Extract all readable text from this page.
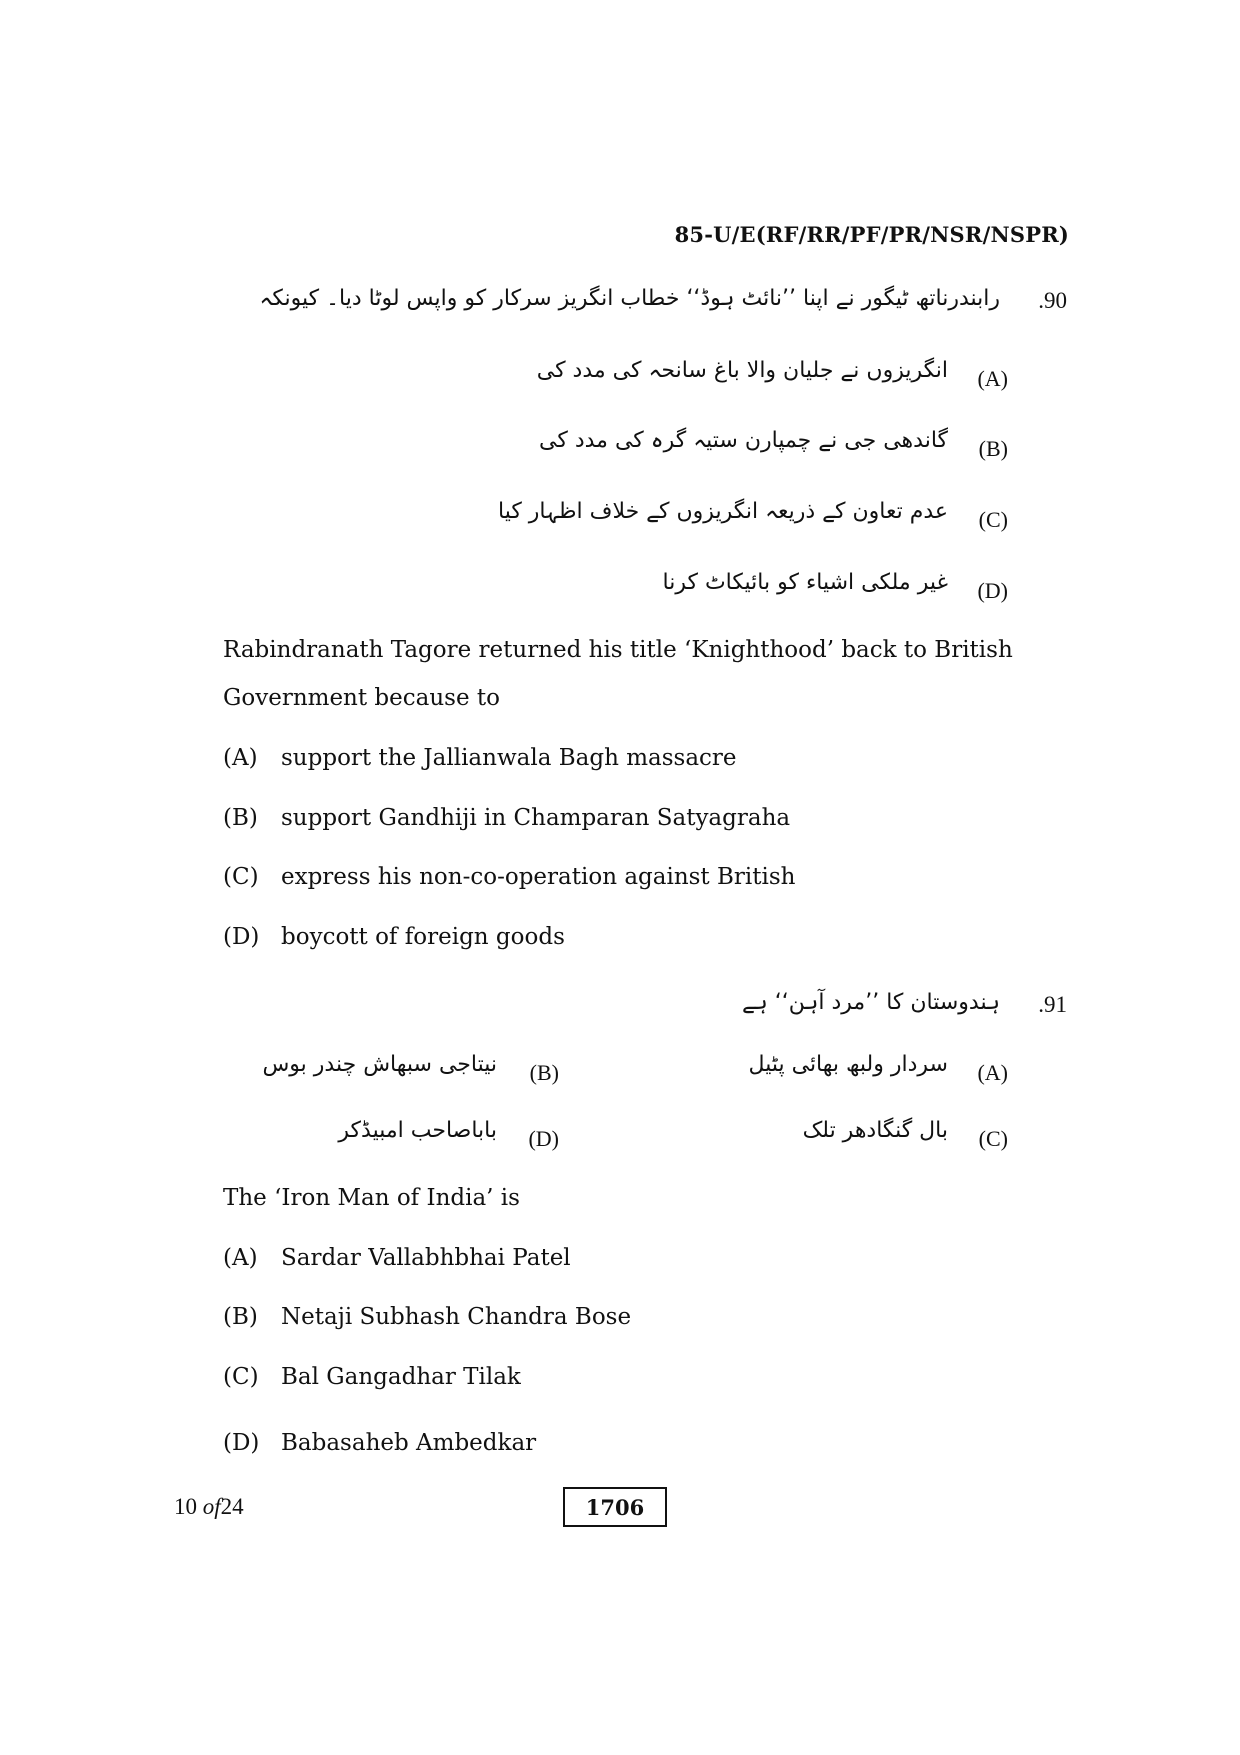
85-U/E(RF/RR/PF/PR/NSR/NSPR)
.90
رابندرناتھ ٹیگور نے اپنا ’’نائٹ ہوڈ‘‘ خطاب انگریز سرکار کو واپس لوٹا دیا۔ کیونکہ
(A)
انگریزوں نے جلیان والا باغ سانحہ کی مدد کی
(B)
گاندھی جی نے چمپارن ستیہ گرہ کی مدد کی
(C)
عدم تعاون کے ذریعہ انگریزوں کے خلاف اظہار کیا
(D)
غیر ملکی اشیاء کو بائیکاٹ کرنا
Rabindranath Tagore returned his title ‘Knighthood’ back to British
Government because to
(A) support the Jallianwala Bagh massacre
(B) support Gandhiji in Champaran Satyagraha
(C) express his non-co-operation against British
(D) boycott of foreign goods
.91
ہندوستان کا ’’مرد آہن‘‘ ہے
(A)
سردار ولبھ بھائی پٹیل
(B)
نیتاجی سبھاش چندر بوس
(C)
بال گنگادھر تلک
(D)
باباصاحب امبیڈکر
The ‘Iron Man of India’ is
(A) Sardar Vallabhbhai Patel
(B) Netaji Subhash Chandra Bose
(C) Bal Gangadhar Tilak
(D) Babasaheb Ambedkar
10 of24	1706
